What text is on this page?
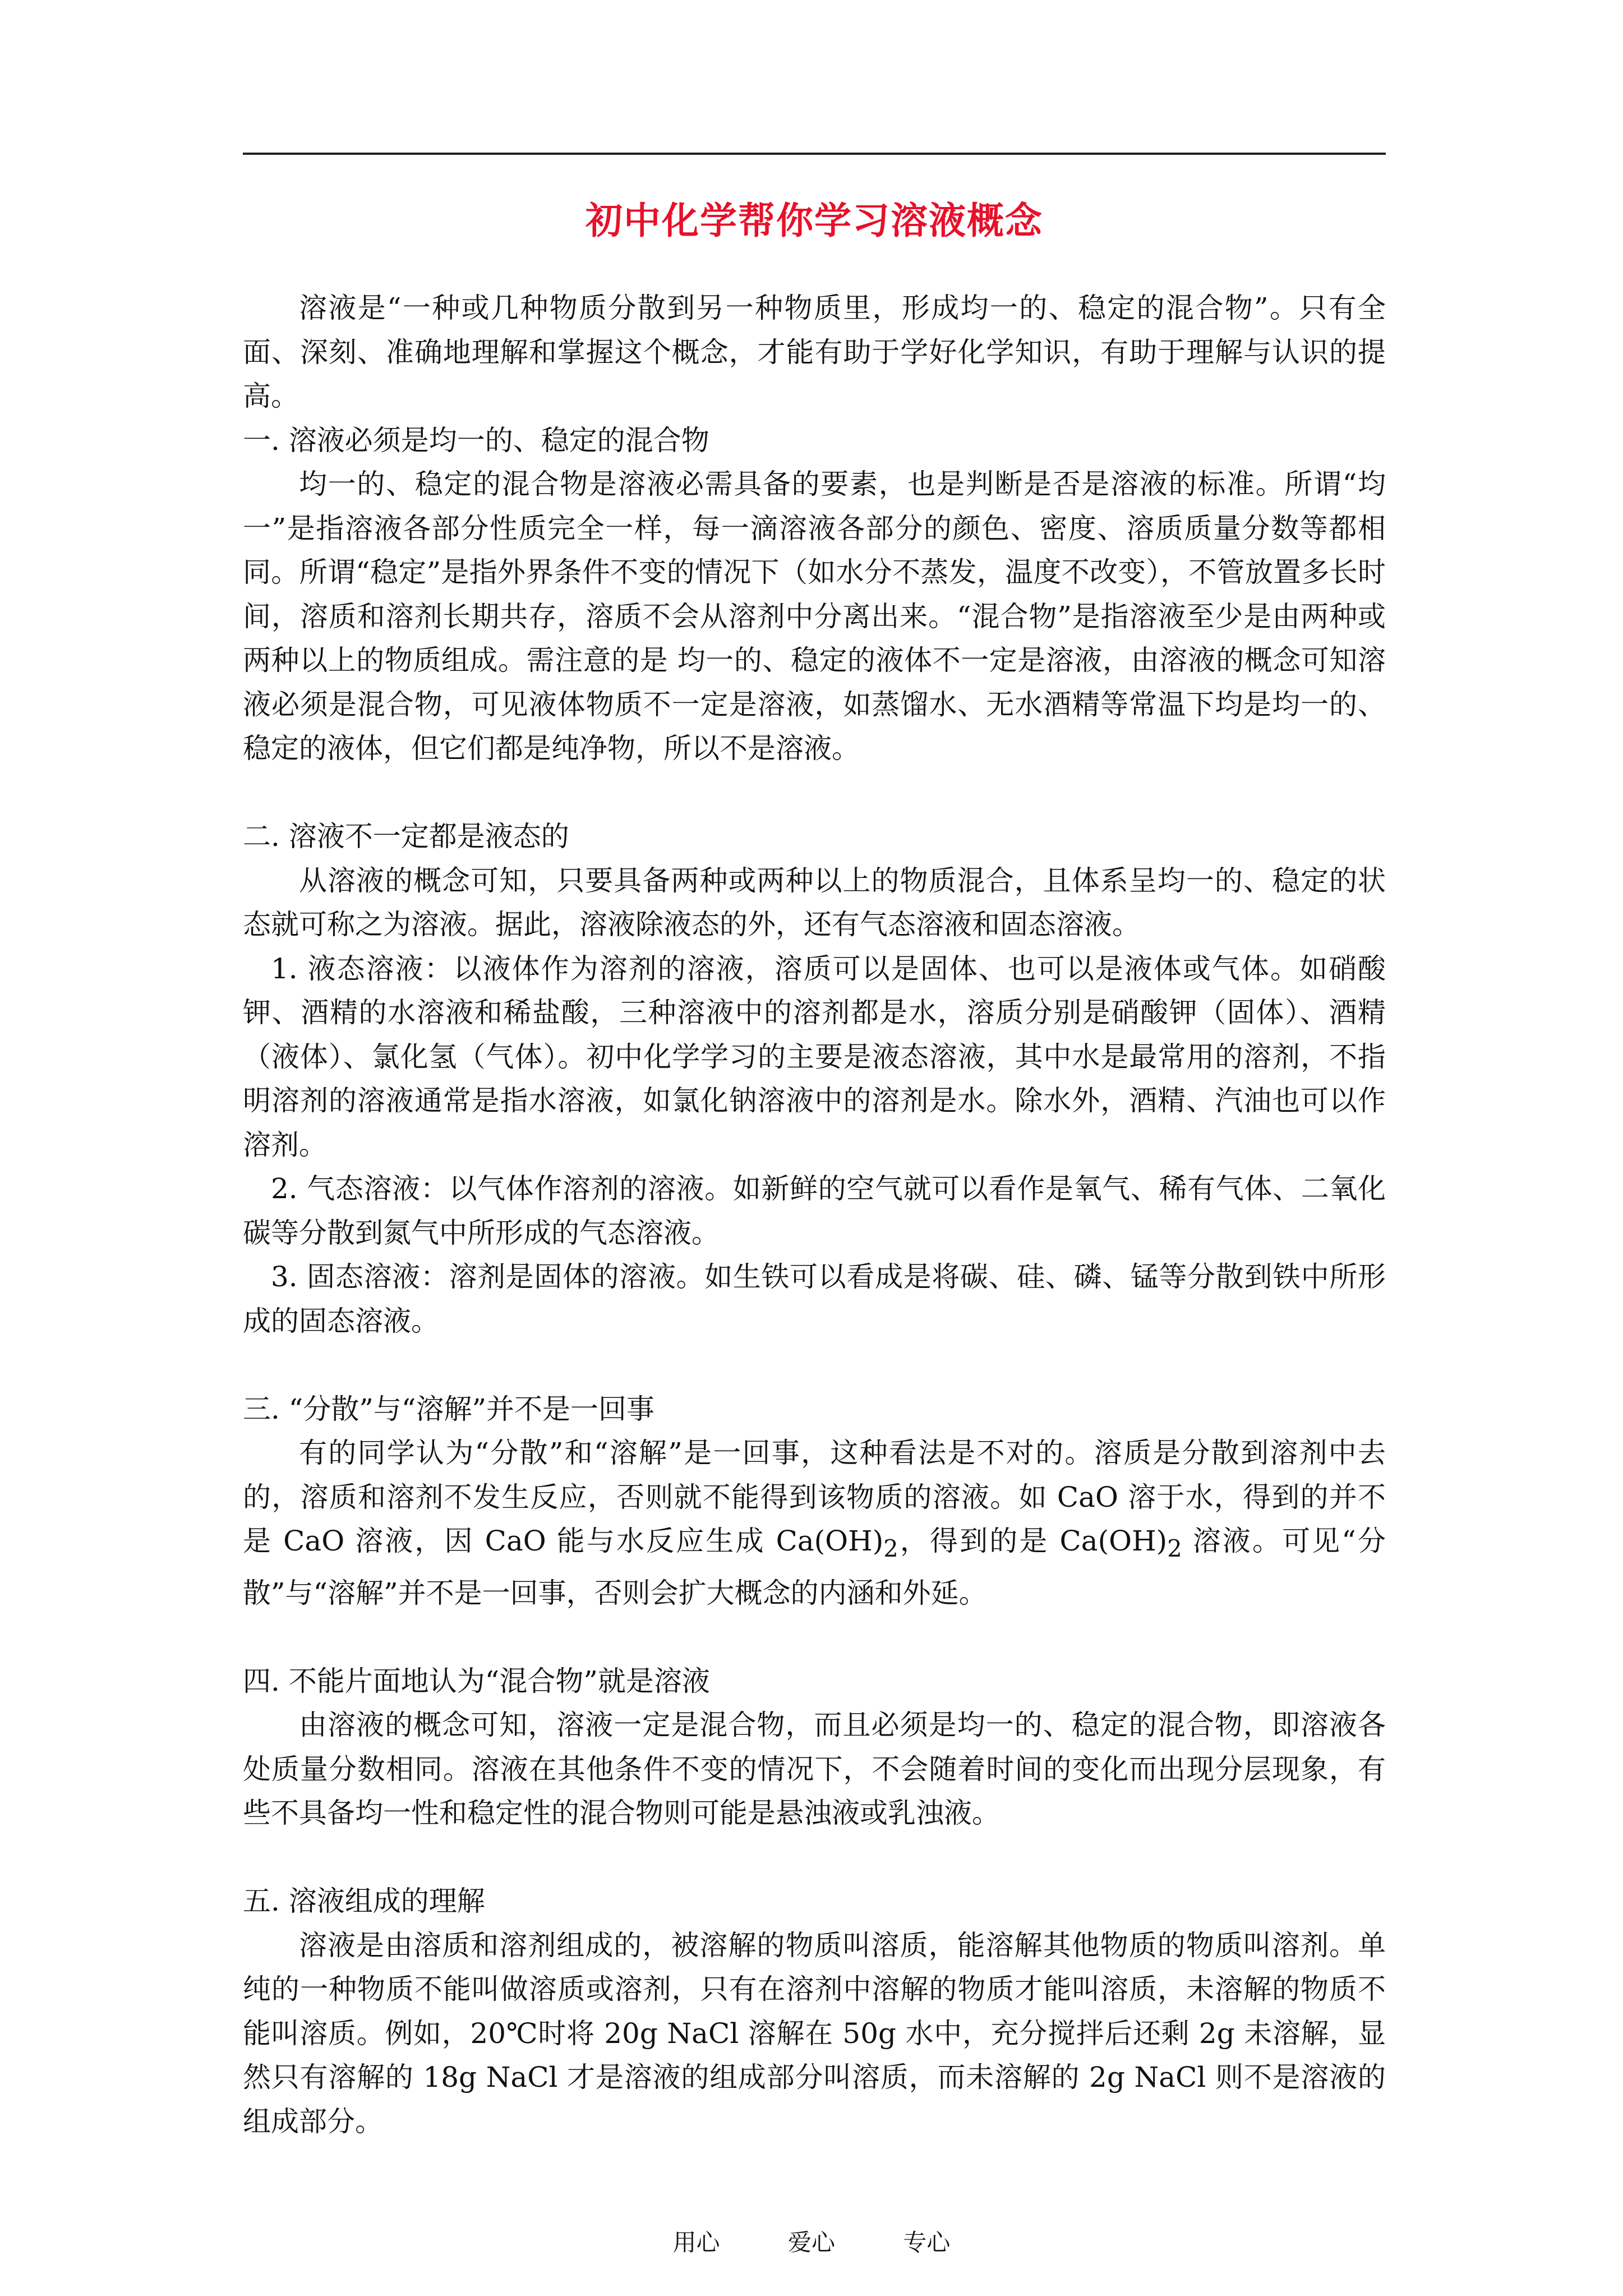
初中化学帮你学习溶液概念

溶液是“一种或几种物质分散到另一种物质里，形成均一的、稳定的混合物”。只有全面、深刻、准确地理解和掌握这个概念，才能有助于学好化学知识，有助于理解与认识的提高。

一. 溶液必须是均一的、稳定的混合物

均一的、稳定的混合物是溶液必需具备的要素，也是判断是否是溶液的标准。所谓“均一”是指溶液各部分性质完全一样，每一滴溶液各部分的颜色、密度、溶质质量分数等都相同。所谓“稳定”是指外界条件不变的情况下（如水分不蒸发，温度不改变），不管放置多长时间，溶质和溶剂长期共存，溶质不会从溶剂中分离出来。“混合物”是指溶液至少是由两种或两种以上的物质组成。需注意的是 均一的、稳定的液体不一定是溶液，由溶液的概念可知溶液必须是混合物，可见液体物质不一定是溶液，如蒸馏水、无水酒精等常温下均是均一的、稳定的液体，但它们都是纯净物，所以不是溶液。

二. 溶液不一定都是液态的

从溶液的概念可知，只要具备两种或两种以上的物质混合，且体系呈均一的、稳定的状态就可称之为溶液。据此，溶液除液态的外，还有气态溶液和固态溶液。

1. 液态溶液：以液体作为溶剂的溶液，溶质可以是固体、也可以是液体或气体。如硝酸钾、酒精的水溶液和稀盐酸，三种溶液中的溶剂都是水，溶质分别是硝酸钾（固体）、酒精（液体）、氯化氢（气体）。初中化学学习的主要是液态溶液，其中水是最常用的溶剂，不指明溶剂的溶液通常是指水溶液，如氯化钠溶液中的溶剂是水。除水外，酒精、汽油也可以作溶剂。

2. 气态溶液：以气体作溶剂的溶液。如新鲜的空气就可以看作是氧气、稀有气体、二氧化碳等分散到氮气中所形成的气态溶液。

3. 固态溶液：溶剂是固体的溶液。如生铁可以看成是将碳、硅、磷、锰等分散到铁中所形成的固态溶液。

三. “分散”与“溶解”并不是一回事

有的同学认为“分散”和“溶解”是一回事，这种看法是不对的。溶质是分散到溶剂中去的，溶质和溶剂不发生反应，否则就不能得到该物质的溶液。如 CaO 溶于水，得到的并不是 CaO 溶液，因 CaO 能与水反应生成 $Ca(OH)_2$，得到的是 $Ca(OH)_2$ 溶液。可见“分散”与“溶解”并不是一回事，否则会扩大概念的内涵和外延。

四. 不能片面地认为“混合物”就是溶液

由溶液的概念可知，溶液一定是混合物，而且必须是均一的、稳定的混合物，即溶液各处质量分数相同。溶液在其他条件不变的情况下，不会随着时间的变化而出现分层现象，有些不具备均一性和稳定性的混合物则可能是悬浊液或乳浊液。

五. 溶液组成的理解

溶液是由溶质和溶剂组成的，被溶解的物质叫溶质，能溶解其他物质的物质叫溶剂。单纯的一种物质不能叫做溶质或溶剂，只有在溶剂中溶解的物质才能叫溶质，未溶解的物质不能叫溶质。例如，20℃时将 20g NaCl 溶解在 50g 水中，充分搅拌后还剩 2g 未溶解，显然只有溶解的 18g NaCl 才是溶液的组成部分叫溶质，而未溶解的 2g NaCl 则不是溶液的组成部分。

用心	爱心	专心
